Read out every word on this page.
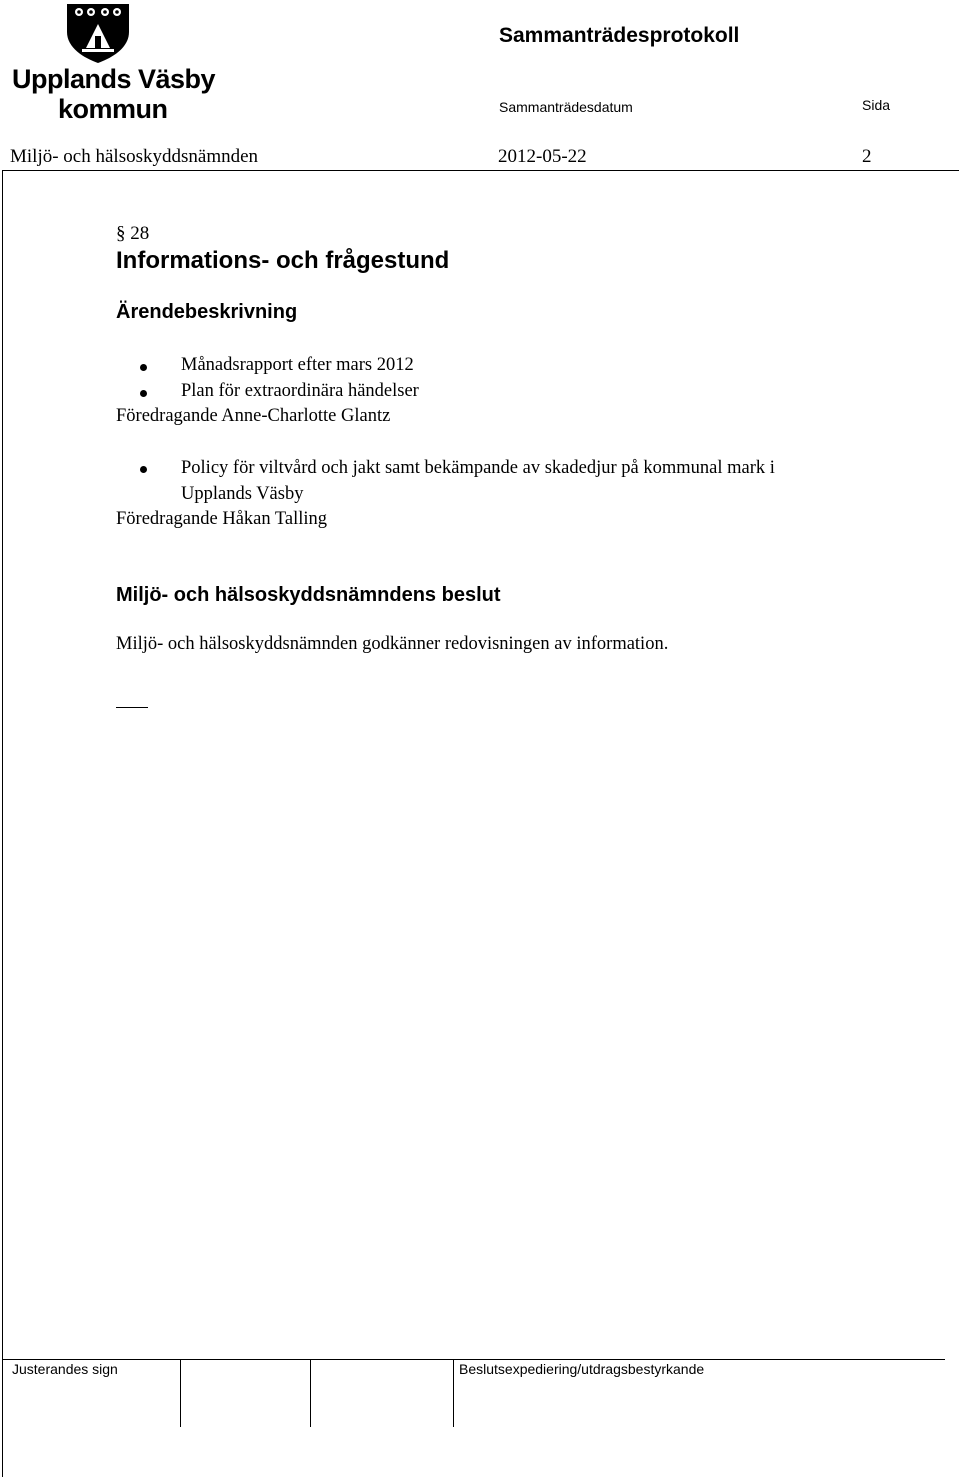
Upplands Väsby
kommun
Sammanträdesprotokoll
Sammanträdesdatum	Sida
Miljö- och hälsoskyddsnämnden	2012-05-22	2
§ 28
Informations- och frågestund
Ärendebeskrivning
Månadsrapport efter mars 2012
Plan för extraordinära händelser
Föredragande Anne-Charlotte Glantz
Policy för viltvård och jakt samt bekämpande av skadedjur på kommunal mark i
Upplands Väsby
Föredragande Håkan Talling
Miljö- och hälsoskyddsnämndens beslut
Miljö- och hälsoskyddsnämnden godkänner redovisningen av information.
Justerandes sign	Beslutsexpediering/utdragsbestyrkande
